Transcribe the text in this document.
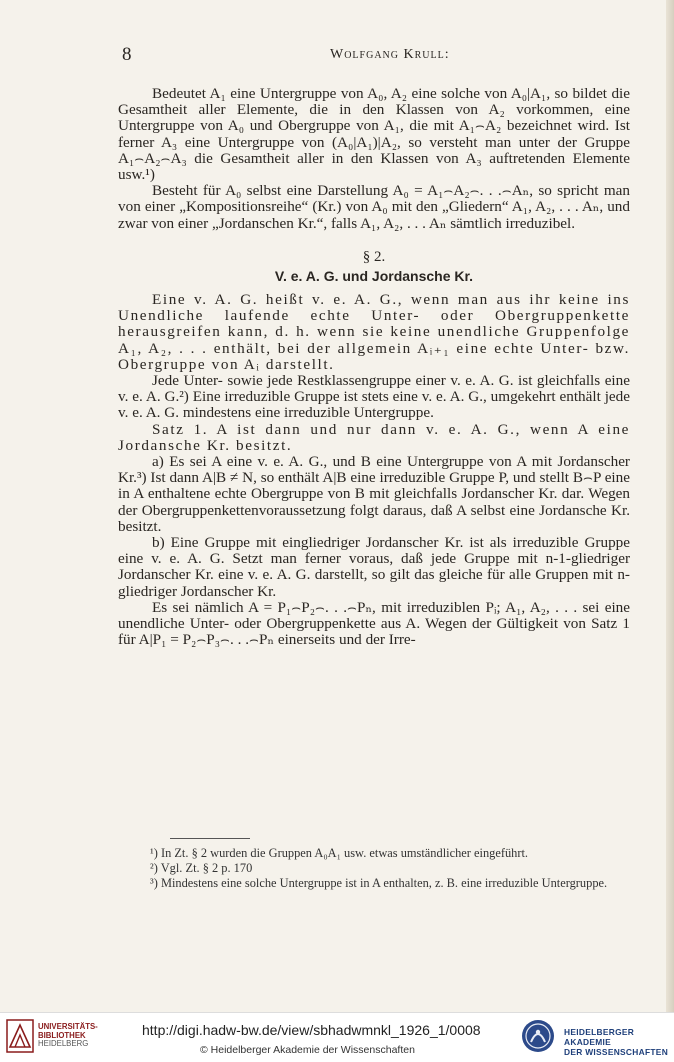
8	Wolfgang Krull:

Bedeutet A₁ eine Untergruppe von A₀, A₂ eine solche von A₀|A₁, so bildet die Gesamtheit aller Elemente, die in den Klassen von A₂ vorkommen, eine Untergruppe von A₀ und Obergruppe von A₁, die mit A₁⌢A₂ bezeichnet wird. Ist ferner A₃ eine Untergruppe von (A₀|A₁)|A₂, so versteht man unter der Gruppe A₁⌢A₂⌢A₃ die Gesamtheit aller in den Klassen von A₃ auftretenden Elemente usw.¹)

Besteht für A₀ selbst eine Darstellung A₀ = A₁⌢A₂⌢. . .⌢Aₙ, so spricht man von einer „Kompositionsreihe“ (Kr.) von A₀ mit den „Gliedern“ A₁, A₂, . . . Aₙ, und zwar von einer „Jordanschen Kr.“, falls A₁, A₂, . . . Aₙ sämtlich irreduzibel.

§ 2.
V. e. A. G. und Jordansche Kr.

Eine v. A. G. heißt v. e. A. G., wenn man aus ihr keine ins Unendliche laufende echte Unter- oder Obergruppenkette herausgreifen kann, d. h. wenn sie keine unendliche Gruppenfolge A₁, A₂, . . . enthält, bei der allgemein Aᵢ₊₁ eine echte Unter- bzw. Obergruppe von Aᵢ darstellt.

Jede Unter- sowie jede Restklassengruppe einer v. e. A. G. ist gleichfalls eine v. e. A. G.²) Eine irreduzible Gruppe ist stets eine v. e. A. G., umgekehrt enthält jede v. e. A. G. mindestens eine irreduzible Untergruppe.

Satz 1. A ist dann und nur dann v. e. A. G., wenn A eine Jordansche Kr. besitzt.

a) Es sei A eine v. e. A. G., und B eine Untergruppe von A mit Jordanscher Kr.³) Ist dann A|B ≠ N, so enthält A|B eine irreduzible Gruppe P, und stellt B⌢P eine in A enthaltene echte Obergruppe von B mit gleichfalls Jordanscher Kr. dar. Wegen der Obergruppenkettenvoraussetzung folgt daraus, daß A selbst eine Jordansche Kr. besitzt.

b) Eine Gruppe mit eingliedriger Jordanscher Kr. ist als irreduzible Gruppe eine v. e. A. G. Setzt man ferner voraus, daß jede Gruppe mit n-1-gliedriger Jordanscher Kr. eine v. e. A. G. darstellt, so gilt das gleiche für alle Gruppen mit n-gliedriger Jordanscher Kr.

Es sei nämlich A = P₁⌢P₂⌢. . .⌢Pₙ, mit irreduziblen Pᵢ; A₁, A₂, . . . sei eine unendliche Unter- oder Obergruppenkette aus A. Wegen der Gültigkeit von Satz 1 für A|P₁ = P₂⌢P₃⌢. . .⌢Pₙ einerseits und der Irre-

¹) In Zt. § 2 wurden die Gruppen A₀A₁ usw. etwas umständlicher eingeführt.

²) Vgl. Zt. § 2 p. 170

³) Mindestens eine solche Untergruppe ist in A enthalten, z. B. eine irreduzible Untergruppe.

UNIVERSITÄTS-
BIBLIOTHEK
HEIDELBERG
http://digi.hadw-bw.de/view/sbhadwmnkl_1926_1/0008
© Heidelberger Akademie der Wissenschaften
HEIDELBERGER AKADEMIE
DER WISSENSCHAFTEN
